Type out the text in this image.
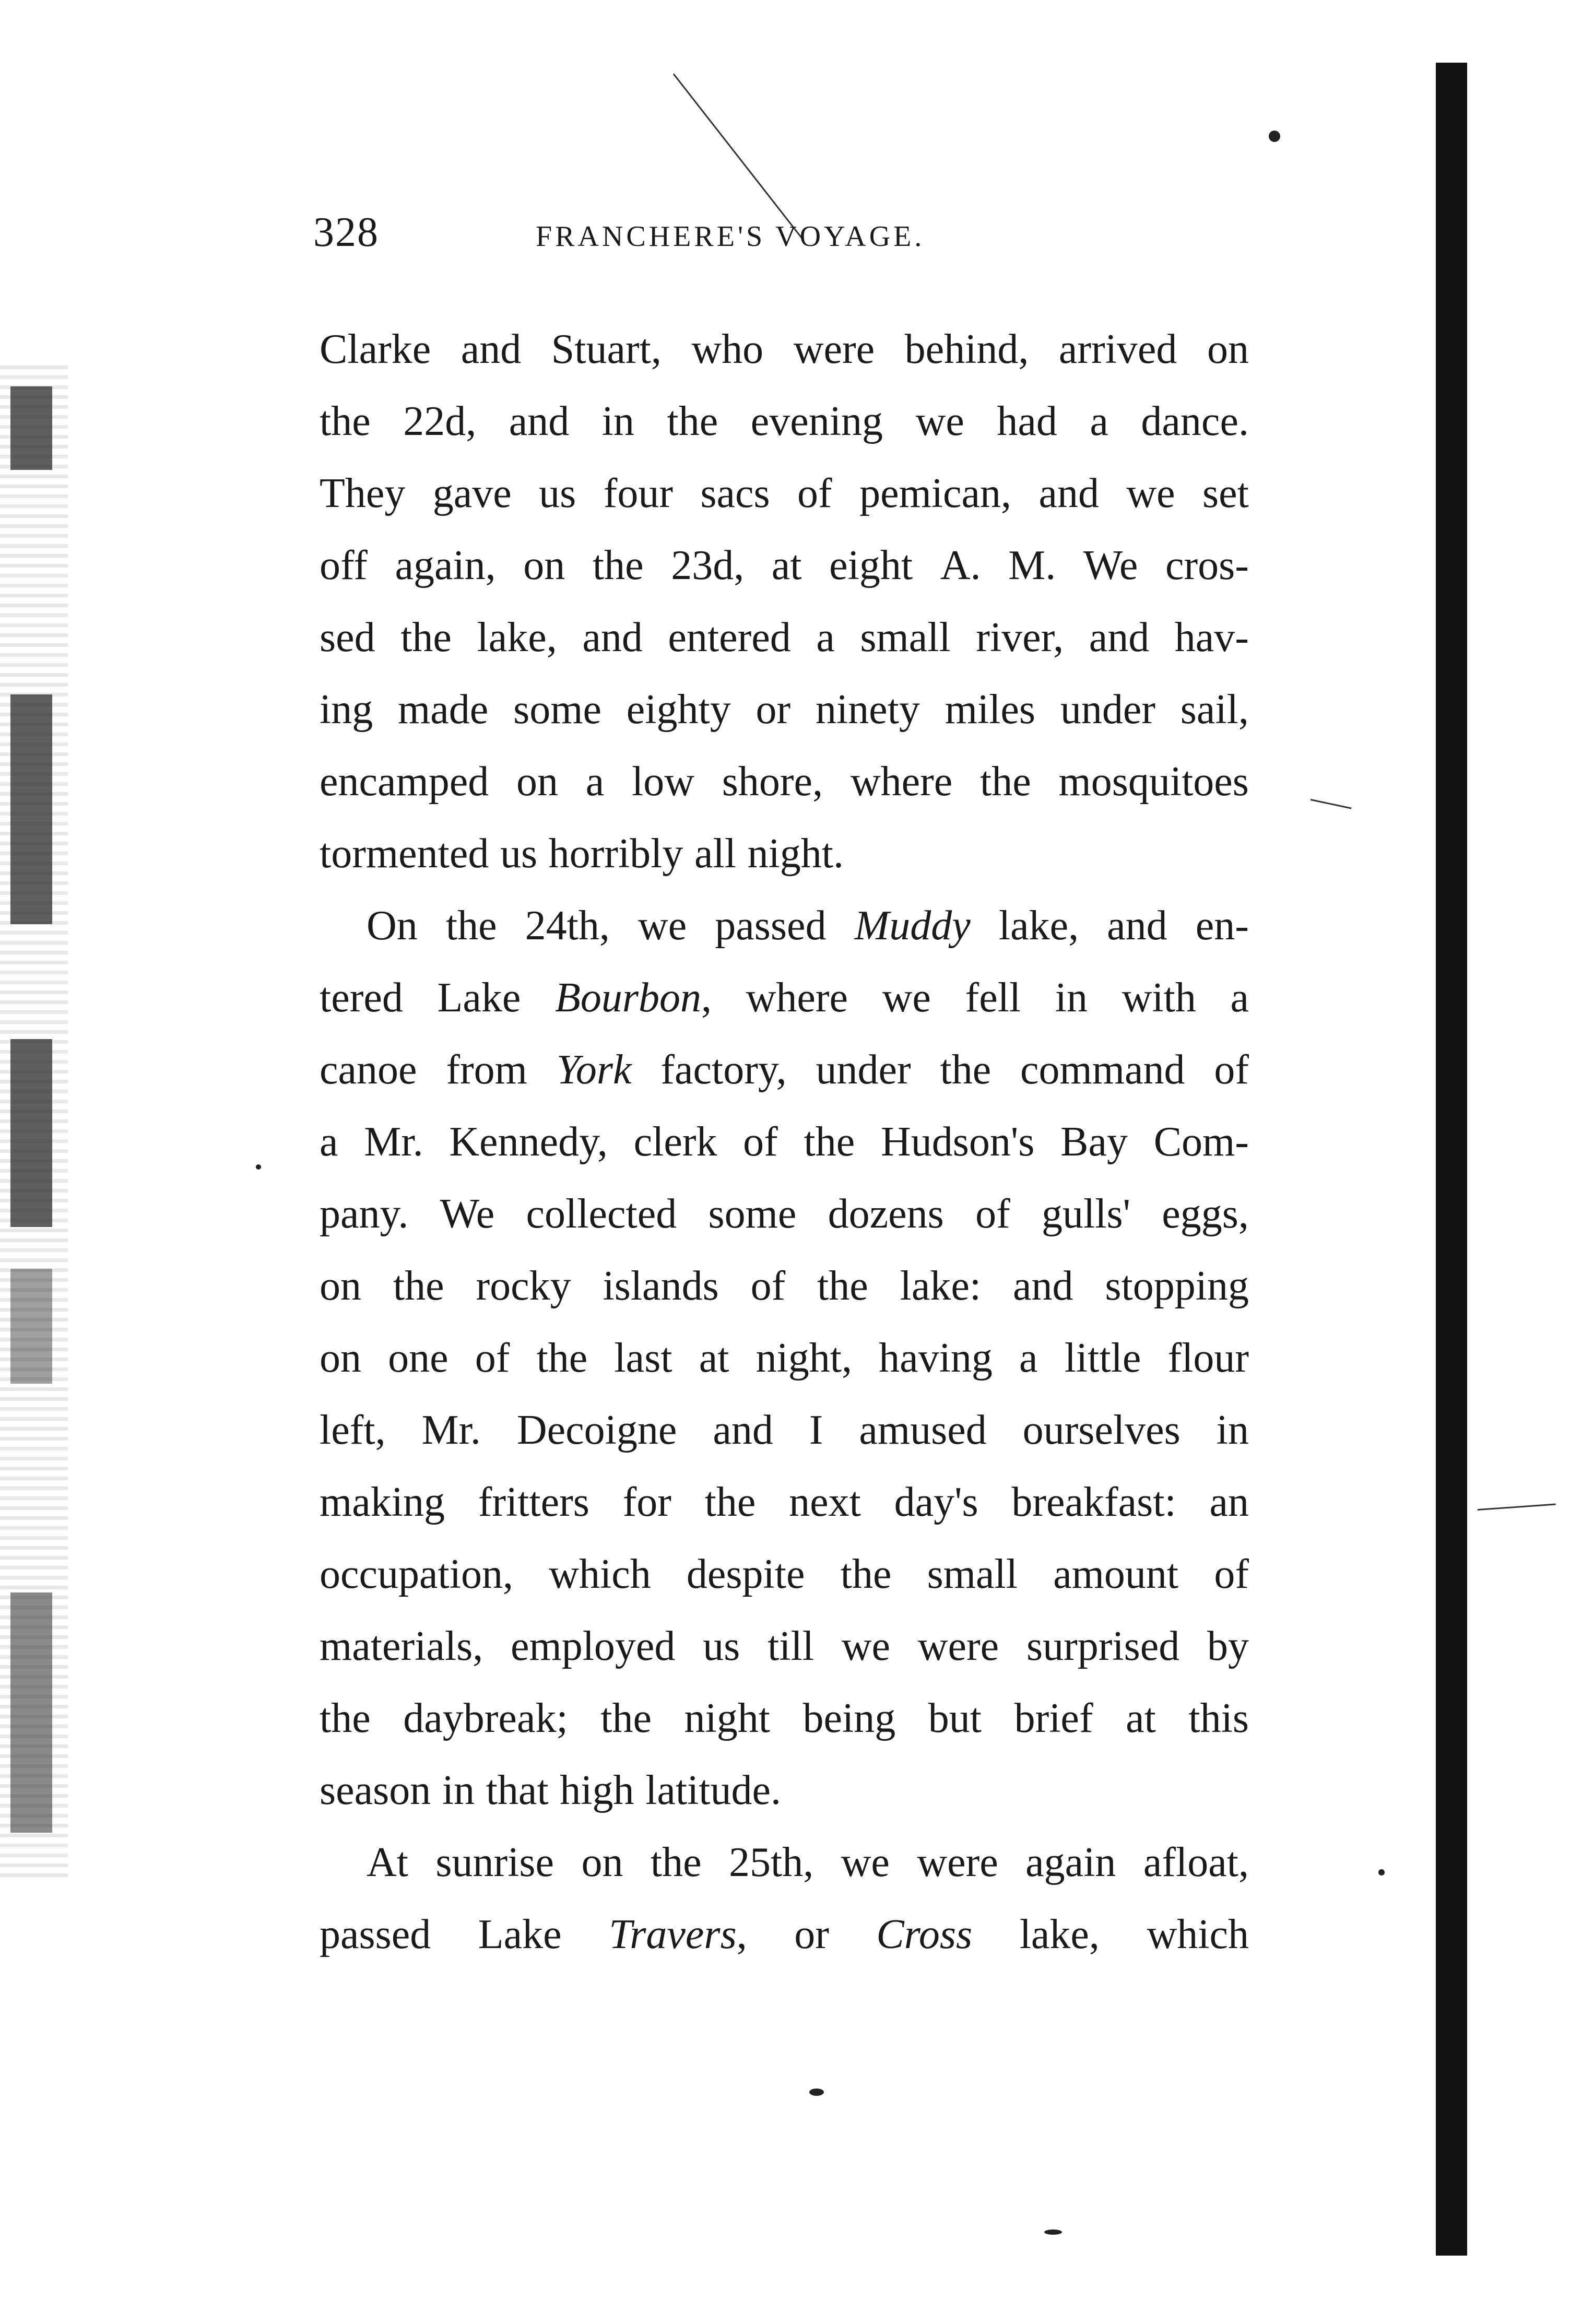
328	FRANCHERE'S VOYAGE.
Clarke and Stuart, who were behind, arrived on
the 22d, and in the evening we had a dance.
They gave us four sacs of pemican, and we set
off again, on the 23d, at eight A. M. We cros-
sed the lake, and entered a small river, and hav-
ing made some eighty or ninety miles under sail,
encamped on a low shore, where the mosquitoes
tormented us horribly all night.
On the 24th, we passed Muddy lake, and en-
tered Lake Bourbon, where we fell in with a
canoe from York factory, under the command of
a Mr. Kennedy, clerk of the Hudson's Bay Com-
pany. We collected some dozens of gulls' eggs,
on the rocky islands of the lake: and stopping
on one of the last at night, having a little flour
left, Mr. Decoigne and I amused ourselves in
making fritters for the next day's breakfast: an
occupation, which despite the small amount of
materials, employed us till we were surprised by
the daybreak; the night being but brief at this
season in that high latitude.
At sunrise on the 25th, we were again afloat,
passed Lake Travers, or Cross lake, which
